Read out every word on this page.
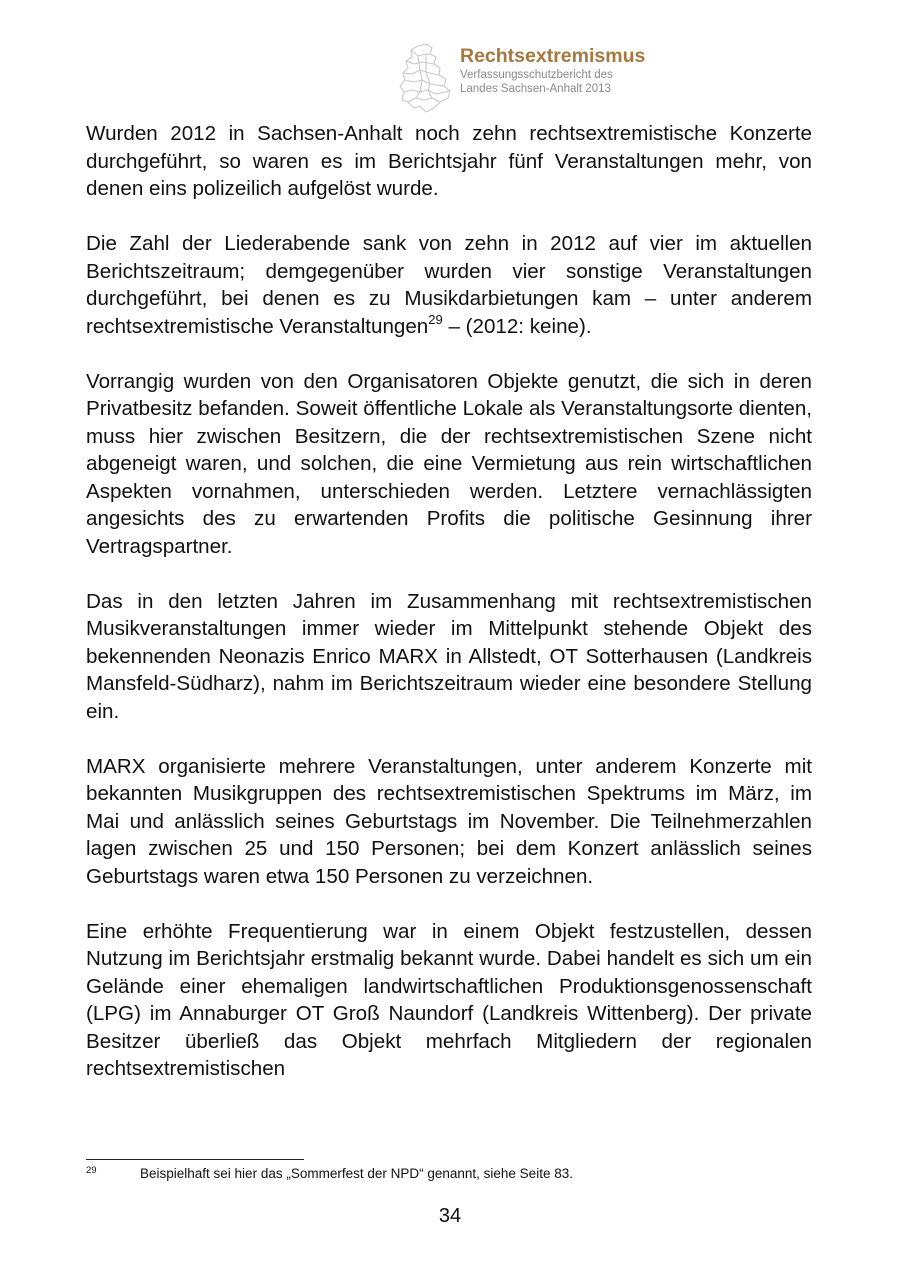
Rechtsextremismus
Verfassungsschutzbericht des
Landes Sachsen-Anhalt 2013

Wurden 2012 in Sachsen-Anhalt noch zehn rechtsextremistische Konzerte durchgeführt, so waren es im Berichtsjahr fünf Veranstaltungen mehr, von denen eins polizeilich aufgelöst wurde.

Die Zahl der Liederabende sank von zehn in 2012 auf vier im aktuellen Berichtszeitraum; demgegenüber wurden vier sonstige Veranstaltungen durchgeführt, bei denen es zu Musikdarbietungen kam – unter anderem rechtsextremistische Veranstaltungen$^{29}$ – (2012: keine).

Vorrangig wurden von den Organisatoren Objekte genutzt, die sich in deren Privatbesitz befanden. Soweit öffentliche Lokale als Veranstaltungsorte dienten, muss hier zwischen Besitzern, die der rechtsextremistischen Szene nicht abgeneigt waren, und solchen, die eine Vermietung aus rein wirtschaftlichen Aspekten vornahmen, unterschieden werden. Letztere vernachlässigten angesichts des zu erwartenden Profits die politische Gesinnung ihrer Vertragspartner.

Das in den letzten Jahren im Zusammenhang mit rechtsextremistischen Musikveranstaltungen immer wieder im Mittelpunkt stehende Objekt des bekennenden Neonazis Enrico MARX in Allstedt, OT Sotterhausen (Landkreis Mansfeld-Südharz), nahm im Berichtszeitraum wieder eine besondere Stellung ein.

MARX organisierte mehrere Veranstaltungen, unter anderem Konzerte mit bekannten Musikgruppen des rechtsextremistischen Spektrums im März, im Mai und anlässlich seines Geburtstags im November. Die Teilnehmerzahlen lagen zwischen 25 und 150 Personen; bei dem Konzert anlässlich seines Geburtstags waren etwa 150 Personen zu verzeichnen.

Eine erhöhte Frequentierung war in einem Objekt festzustellen, dessen Nutzung im Berichtsjahr erstmalig bekannt wurde. Dabei handelt es sich um ein Gelände einer ehemaligen landwirtschaftlichen Produktionsgenossenschaft (LPG) im Annaburger OT Groß Naundorf (Landkreis Wittenberg). Der private Besitzer überließ das Objekt mehrfach Mitgliedern der regionalen rechtsextremistischen

29	Beispielhaft sei hier das „Sommerfest der NPD“ genannt, siehe Seite 83.
34
